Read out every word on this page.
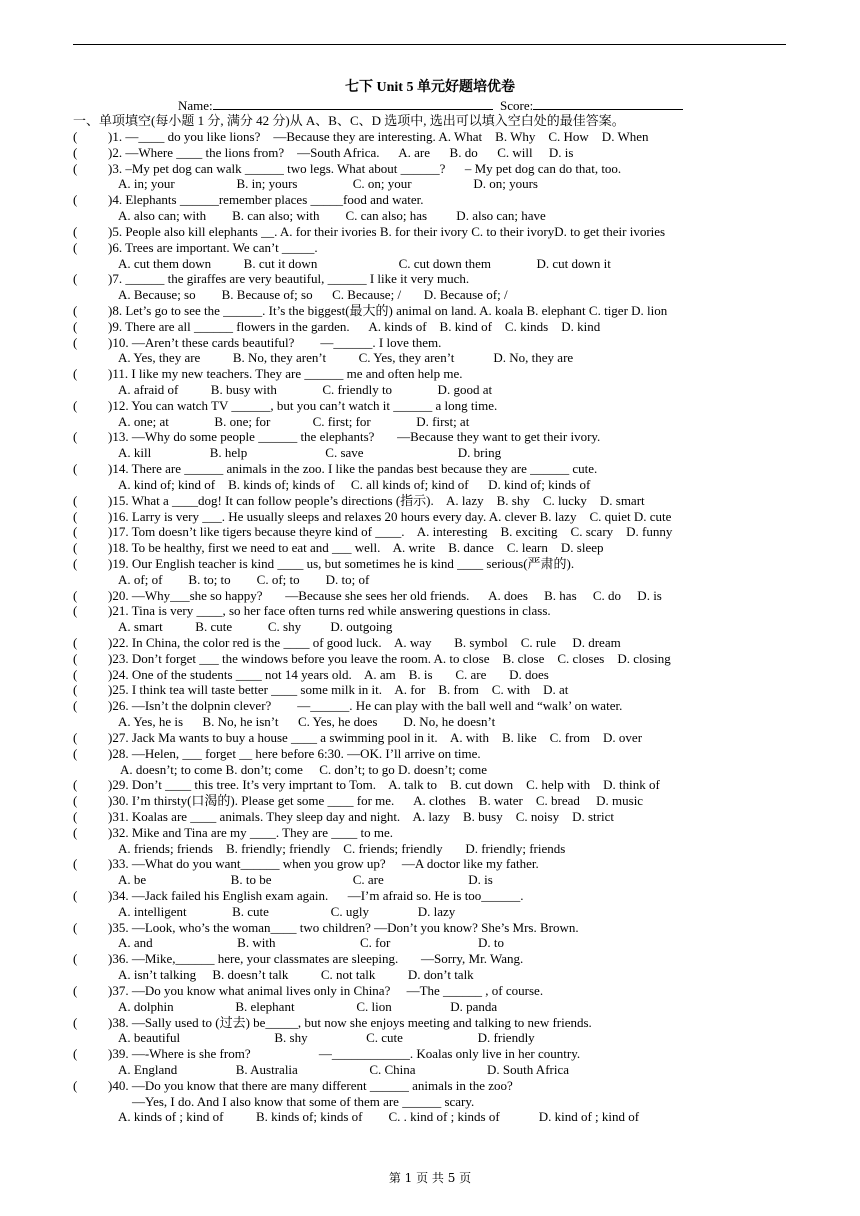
七下 Unit 5 单元好题培优卷
Name:	Score:
一、单项填空(每小题 1 分, 满分 42 分)从 A、B、C、D 选项中, 选出可以填入空白处的最佳答案。
( )1. —____ do you like lions?    —Because they are interesting. A. What    B. Why    C. How    D. When
( )2. —Where ____ the lions from?    —South Africa.      A. are      B. do      C. will     D. is
( )3. –My pet dog can walk ______ two legs. What about ______?      – My pet dog can do that, too.
A. in; your                   B. in; yours                 C. on; your                   D. on; yours
( )4. Elephants ______remember places _____food and water.
A. also can; with        B. can also; with        C. can also; has         D. also can; have
( )5. People also kill elephants __. A. for their ivories B. for their ivory C. to their ivoryD. to get their ivories
( )6. Trees are important. We can’t _____.
A. cut them down          B. cut it down                         C. cut down them              D. cut down it
( )7. ______ the giraffes are very beautiful, ______ I like it very much.
A. Because; so        B. Because of; so      C. Because; /       D. Because of; /
( )8. Let’s go to see the ______. It’s the biggest(最大的) animal on land. A. koala B. elephant C. tiger D. lion
( )9. There are all ______ flowers in the garden.      A. kinds of    B. kind of    C. kinds    D. kind
( )10. —Aren’t these cards beautiful?        —______. I love them.
A. Yes, they are          B. No, they aren’t          C. Yes, they aren’t            D. No, they are
( )11. I like my new teachers. They are ______ me and often help me.
A. afraid of          B. busy with              C. friendly to              D. good at
( )12. You can watch TV ______, but you can’t watch it ______ a long time.
A. one; at              B. one; for             C. first; for              D. first; at
( )13. —Why do some people ______ the elephants?       —Because they want to get their ivory.
A. kill                  B. help                        C. save                             D. bring
( )14. There are ______ animals in the zoo. I like the pandas best because they are ______ cute.
A. kind of; kind of    B. kinds of; kinds of     C. all kinds of; kind of      D. kind of; kinds of
( )15. What a ____dog! It can follow people’s directions (指示).    A. lazy    B. shy    C. lucky    D. smart
( )16. Larry is very ___. He usually sleeps and relaxes 20 hours every day. A. clever B. lazy    C. quiet D. cute
( )17. Tom doesn’t like tigers because theyre kind of ____.    A. interesting    B. exciting    C. scary    D. funny
( )18. To be healthy, first we need to eat and ___ well.    A. write    B. dance    C. learn    D. sleep
( )19. Our English teacher is kind ____ us, but sometimes he is kind ____ serious(严肃的).
A. of; of        B. to; to        C. of; to        D. to; of
( )20. —Why___she so happy?       —Because she sees her old friends.      A. does     B. has     C. do     D. is
( )21. Tina is very ____, so her face often turns red while answering questions in class.
A. smart          B. cute           C. shy         D. outgoing
( )22. In China, the color red is the ____ of good luck.    A. way       B. symbol    C. rule     D. dream
( )23. Don’t forget ___ the windows before you leave the room. A. to close    B. close    C. closes    D. closing
( )24. One of the students ____ not 14 years old.    A. am    B. is       C. are       D. does
( )25. I think tea will taste better ____ some milk in it.    A. for    B. from    C. with    D. at
( )26. —Isn’t the dolpnin clever?        —______. He can play with the ball well and “walk’ on water.
A. Yes, he is      B. No, he isn’t      C. Yes, he does        D. No, he doesn’t
( )27. Jack Ma wants to buy a house ____ a swimming pool in it.    A. with    B. like    C. from    D. over
( )28. —Helen, ___ forget __ here before 6:30. —OK. I’ll arrive on time.
A. doesn’t; to come B. don’t; come     C. don’t; to go D. doesn’t; come
( )29. Don’t ____ this tree. It’s very imprtant to Tom.    A. talk to    B. cut down    C. help with    D. think of
( )30. I’m thirsty(口渴的). Please get some ____ for me.      A. clothes    B. water    C. bread     D. music
( )31. Koalas are ____ animals. They sleep day and night.    A. lazy    B. busy    C. noisy    D. strict
( )32. Mike and Tina are my ____. They are ____ to me.
A. friends; friends    B. friendly; friendly    C. friends; friendly       D. friendly; friends
( )33. —What do you want______ when you grow up?     —A doctor like my father.
A. be                          B. to be                         C. are                          D. is
( )34. —Jack failed his English exam again.      —I’m afraid so. He is too______.
A. intelligent              B. cute                   C. ugly               D. lazy
( )35. —Look, who’s the woman____ two children? —Don’t you know? She’s Mrs. Brown.
A. and                          B. with                          C. for                           D. to
( )36. —Mike,______ here, your classmates are sleeping.       —Sorry, Mr. Wang.
A. isn’t talking     B. doesn’t talk          C. not talk          D. don’t talk
( )37. —Do you know what animal lives only in China?     —The ______ , of course.
A. dolphin                   B. elephant                   C. lion                  D. panda
( )38. —Sally used to (过去) be_____, but now she enjoys meeting and talking to new friends.
A. beautiful                             B. shy                  C. cute                       D. friendly
( )39. —-Where is she from?                     —____________. Koalas only live in her country.
A. England                  B. Australia                      C. China                      D. South Africa
( )40. —Do you know that there are many different ______ animals in the zoo?
—Yes, I do. And I also know that some of them are ______ scary.
A. kinds of ; kind of          B. kinds of; kinds of        C. . kind of ; kinds of            D. kind of ; kind of
第 1 页 共 5 页
